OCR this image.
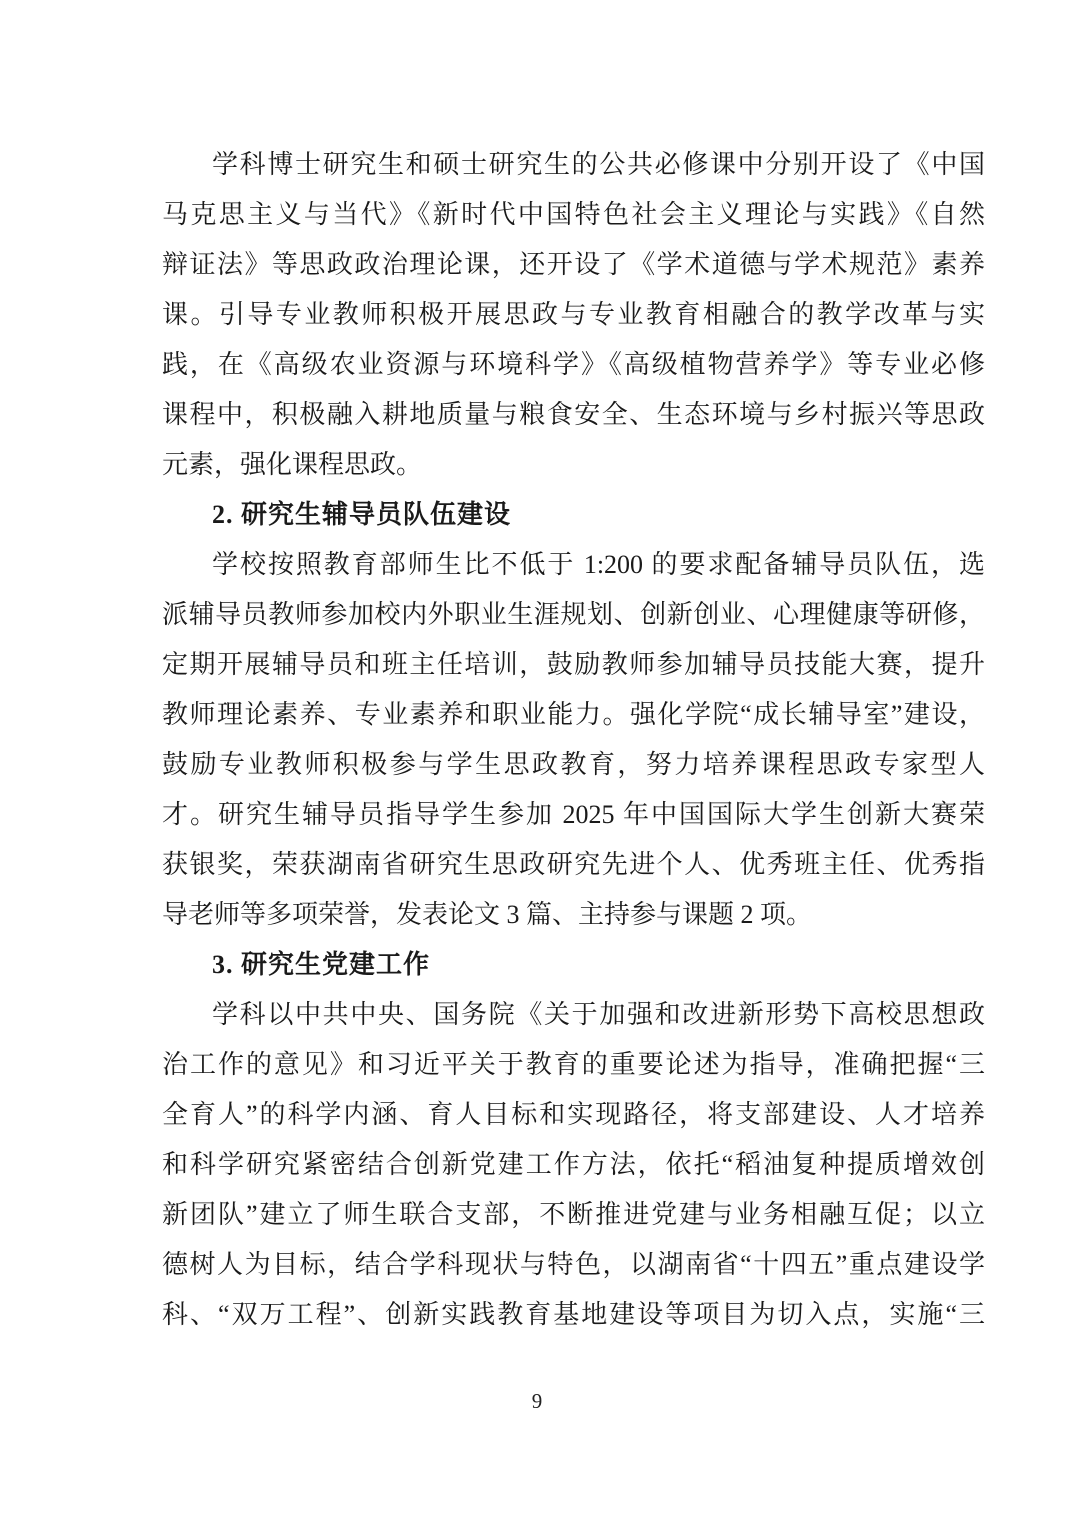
学科博士研究生和硕士研究生的公共必修课中分别开设了《中国
马克思主义与当代》《新时代中国特色社会主义理论与实践》《自然
辩证法》等思政政治理论课，还开设了《学术道德与学术规范》素养
课。引导专业教师积极开展思政与专业教育相融合的教学改革与实
践，在《高级农业资源与环境科学》《高级植物营养学》等专业必修
课程中，积极融入耕地质量与粮食安全、生态环境与乡村振兴等思政
元素，强化课程思政。
2. 研究生辅导员队伍建设
学校按照教育部师生比不低于 1:200 的要求配备辅导员队伍，选
派辅导员教师参加校内外职业生涯规划、创新创业、心理健康等研修，
定期开展辅导员和班主任培训，鼓励教师参加辅导员技能大赛，提升
教师理论素养、专业素养和职业能力。强化学院“成长辅导室”建设，
鼓励专业教师积极参与学生思政教育，努力培养课程思政专家型人
才。研究生辅导员指导学生参加 2025 年中国国际大学生创新大赛荣
获银奖，荣获湖南省研究生思政研究先进个人、优秀班主任、优秀指
导老师等多项荣誉，发表论文 3 篇、主持参与课题 2 项。
3. 研究生党建工作
学科以中共中央、国务院《关于加强和改进新形势下高校思想政
治工作的意见》和习近平关于教育的重要论述为指导，准确把握“三
全育人”的科学内涵、育人目标和实现路径，将支部建设、人才培养
和科学研究紧密结合创新党建工作方法，依托“稻油复种提质增效创
新团队”建立了师生联合支部，不断推进党建与业务相融互促；以立
德树人为目标，结合学科现状与特色，以湖南省“十四五”重点建设学
科、“双万工程”、创新实践教育基地建设等项目为切入点，实施“三
9
